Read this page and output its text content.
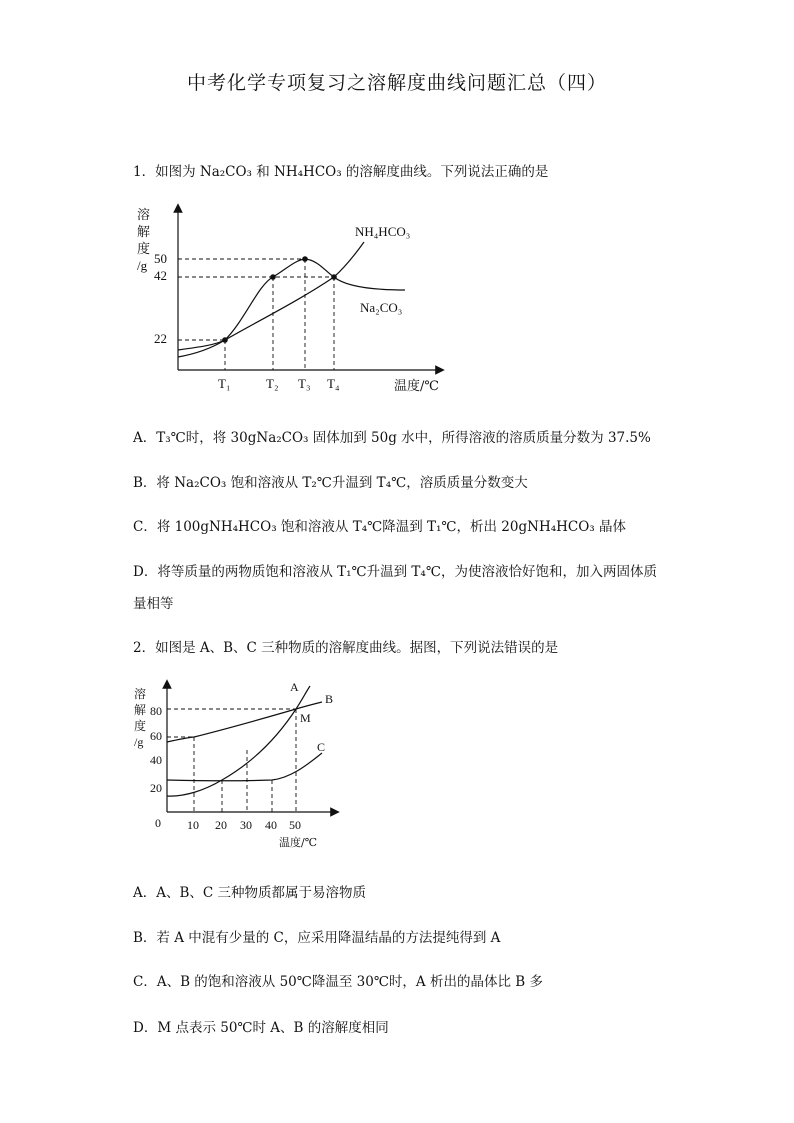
中考化学专项复习之溶解度曲线问题汇总（四）
1．如图为 Na₂CO₃ 和 NH₄HCO₃ 的溶解度曲线。下列说法正确的是
溶
解
度
/g 50
42
22
NH₄HCO₃
Na₂CO₃
T₁	T₂ T₃ T₄	温度/℃
A．T₃℃时，将 30gNa₂CO₃ 固体加到 50g 水中，所得溶液的溶质质量分数为 37.5%
B．将 Na₂CO₃ 饱和溶液从 T₂℃升温到 T₄℃，溶质质量分数变大
C．将 100gNH₄HCO₃ 饱和溶液从 T₄℃降温到 T₁℃，析出 20gNH₄HCO₃ 晶体
D．将等质量的两物质饱和溶液从 T₁℃升温到 T₄℃，为使溶液恰好饱和，加入两固体质
量相等
2．如图是 A、B、C 三种物质的溶解度曲线。据图，下列说法错误的是
溶
解
度
/g
80
60
40
20
A
B
C
M
0 10 20 30 40 50
温度/℃
A．A、B、C 三种物质都属于易溶物质
B．若 A 中混有少量的 C，应采用降温结晶的方法提纯得到 A
C．A、B 的饱和溶液从 50℃降温至 30℃时，A 析出的晶体比 B 多
D．M 点表示 50℃时 A、B 的溶解度相同
